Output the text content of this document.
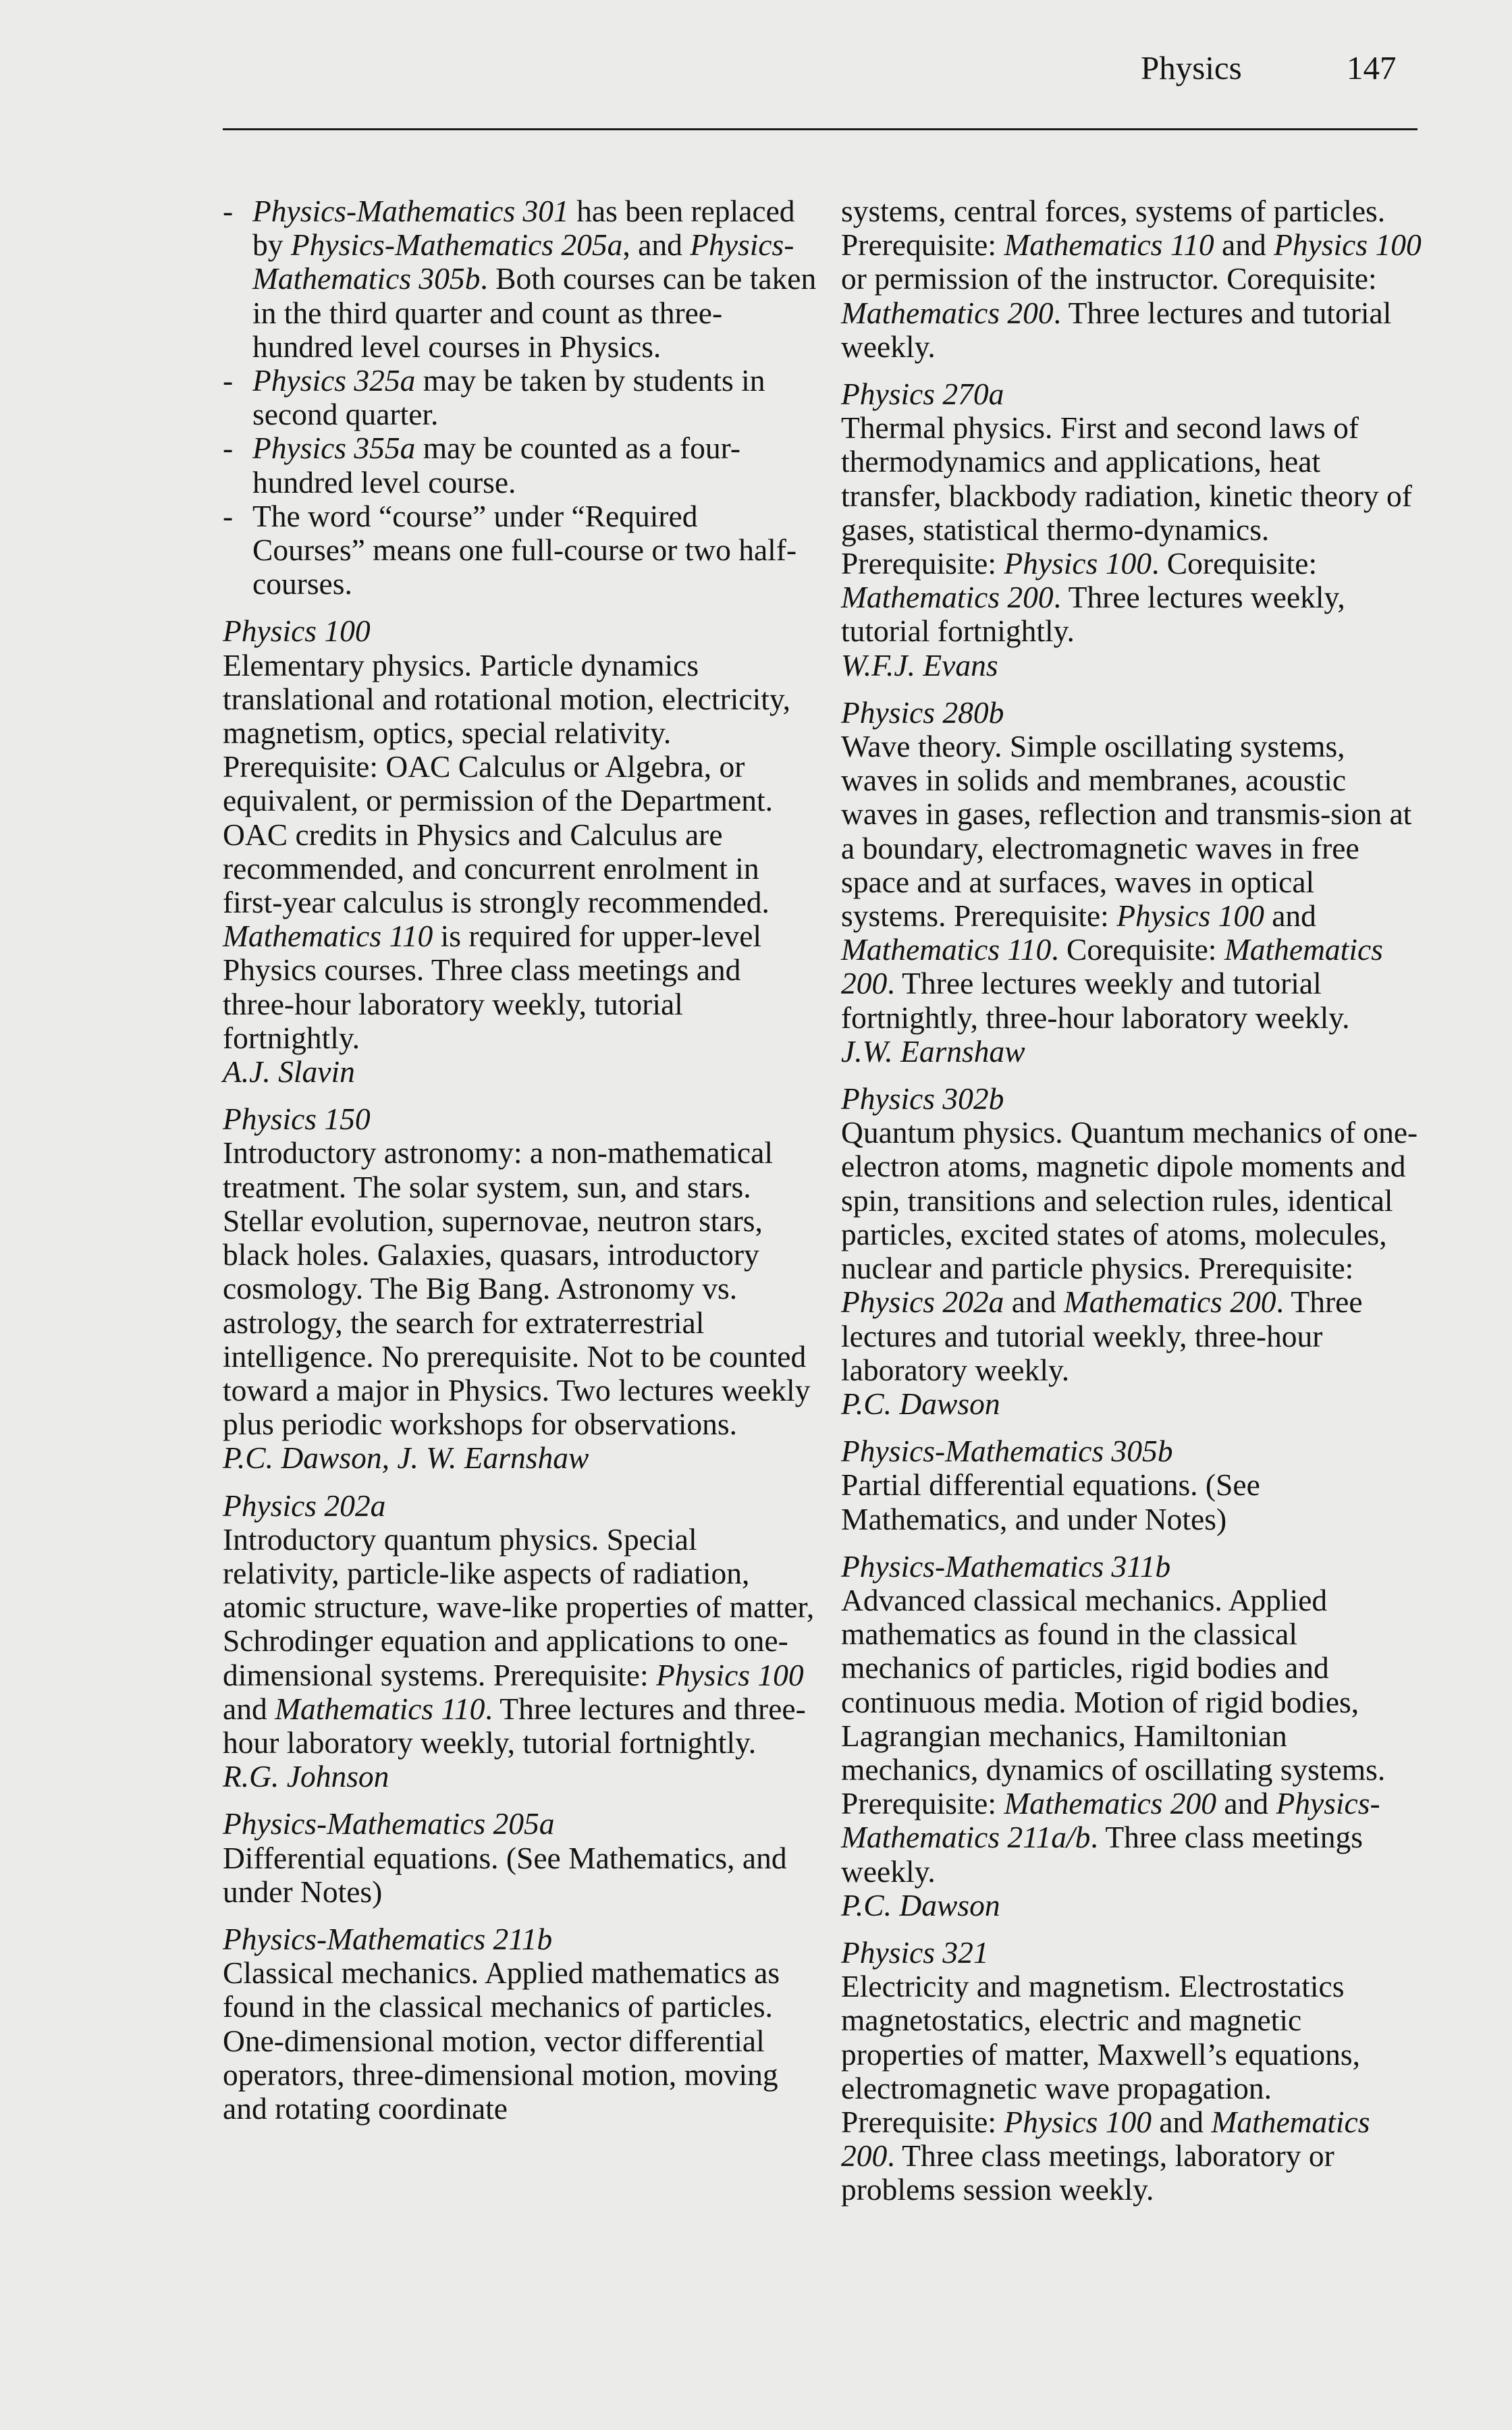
Physics	147
- Physics-Mathematics 301 has been replaced by Physics-Mathematics 205a, and Physics-Mathematics 305b. Both courses can be taken in the third quarter and count as three-hundred level courses in Physics.
- Physics 325a may be taken by students in second quarter.
- Physics 355a may be counted as a four-hundred level course.
- The word “course” under “Required Courses” means one full-course or two half-courses.
Physics 100

Elementary physics. Particle dynamics translational and rotational motion, electricity, magnetism, optics, special relativity. Prerequisite: OAC Calculus or Algebra, or equivalent, or permission of the Department. OAC credits in Physics and Calculus are recommended, and concurrent enrolment in first-year calculus is strongly recommended. Mathematics 110 is required for upper-level Physics courses. Three class meetings and three-hour laboratory weekly, tutorial fortnightly.

A.J. Slavin
Physics 150

Introductory astronomy: a non-mathematical treatment. The solar system, sun, and stars. Stellar evolution, supernovae, neutron stars, black holes. Galaxies, quasars, introductory cosmology. The Big Bang. Astronomy vs. astrology, the search for extraterrestrial intelligence. No prerequisite. Not to be counted toward a major in Physics. Two lectures weekly plus periodic workshops for observations.

P.C. Dawson, J. W. Earnshaw
Physics 202a

Introductory quantum physics. Special relativity, particle-like aspects of radiation, atomic structure, wave-like properties of matter, Schrodinger equation and applications to one-dimensional systems. Prerequisite: Physics 100 and Mathematics 110. Three lectures and three-hour laboratory weekly, tutorial fortnightly.

R.G. Johnson
Physics-Mathematics 205a

Differential equations. (See Mathematics, and under Notes)

Physics-Mathematics 211b

Classical mechanics. Applied mathematics as found in the classical mechanics of particles. One-dimensional motion, vector differential operators, three-dimensional motion, moving and rotating coordinate

systems, central forces, systems of particles. Prerequisite: Mathematics 110 and Physics 100 or permission of the instructor. Corequisite: Mathematics 200. Three lectures and tutorial weekly.

Physics 270a

Thermal physics. First and second laws of thermodynamics and applications, heat transfer, blackbody radiation, kinetic theory of gases, statistical thermo-dynamics. Prerequisite: Physics 100. Corequisite: Mathematics 200. Three lectures weekly, tutorial fortnightly.

W.F.J. Evans
Physics 280b

Wave theory. Simple oscillating systems, waves in solids and membranes, acoustic waves in gases, reflection and transmis-sion at a boundary, electromagnetic waves in free space and at surfaces, waves in optical systems. Prerequisite: Physics 100 and Mathematics 110. Corequisite: Mathematics 200. Three lectures weekly and tutorial fortnightly, three-hour laboratory weekly.

J.W. Earnshaw
Physics 302b

Quantum physics. Quantum mechanics of one-electron atoms, magnetic dipole moments and spin, transitions and selection rules, identical particles, excited states of atoms, molecules, nuclear and particle physics. Prerequisite: Physics 202a and Mathematics 200. Three lectures and tutorial weekly, three-hour laboratory weekly.

P.C. Dawson
Physics-Mathematics 305b

Partial differential equations. (See Mathematics, and under Notes)

Physics-Mathematics 311b

Advanced classical mechanics. Applied mathematics as found in the classical mechanics of particles, rigid bodies and continuous media. Motion of rigid bodies, Lagrangian mechanics, Hamiltonian mechanics, dynamics of oscillating systems. Prerequisite: Mathematics 200 and Physics-Mathematics 211a/b. Three class meetings weekly.

P.C. Dawson
Physics 321

Electricity and magnetism. Electrostatics magnetostatics, electric and magnetic properties of matter, Maxwell’s equations, electromagnetic wave propagation. Prerequisite: Physics 100 and Mathematics 200. Three class meetings, laboratory or problems session weekly.
